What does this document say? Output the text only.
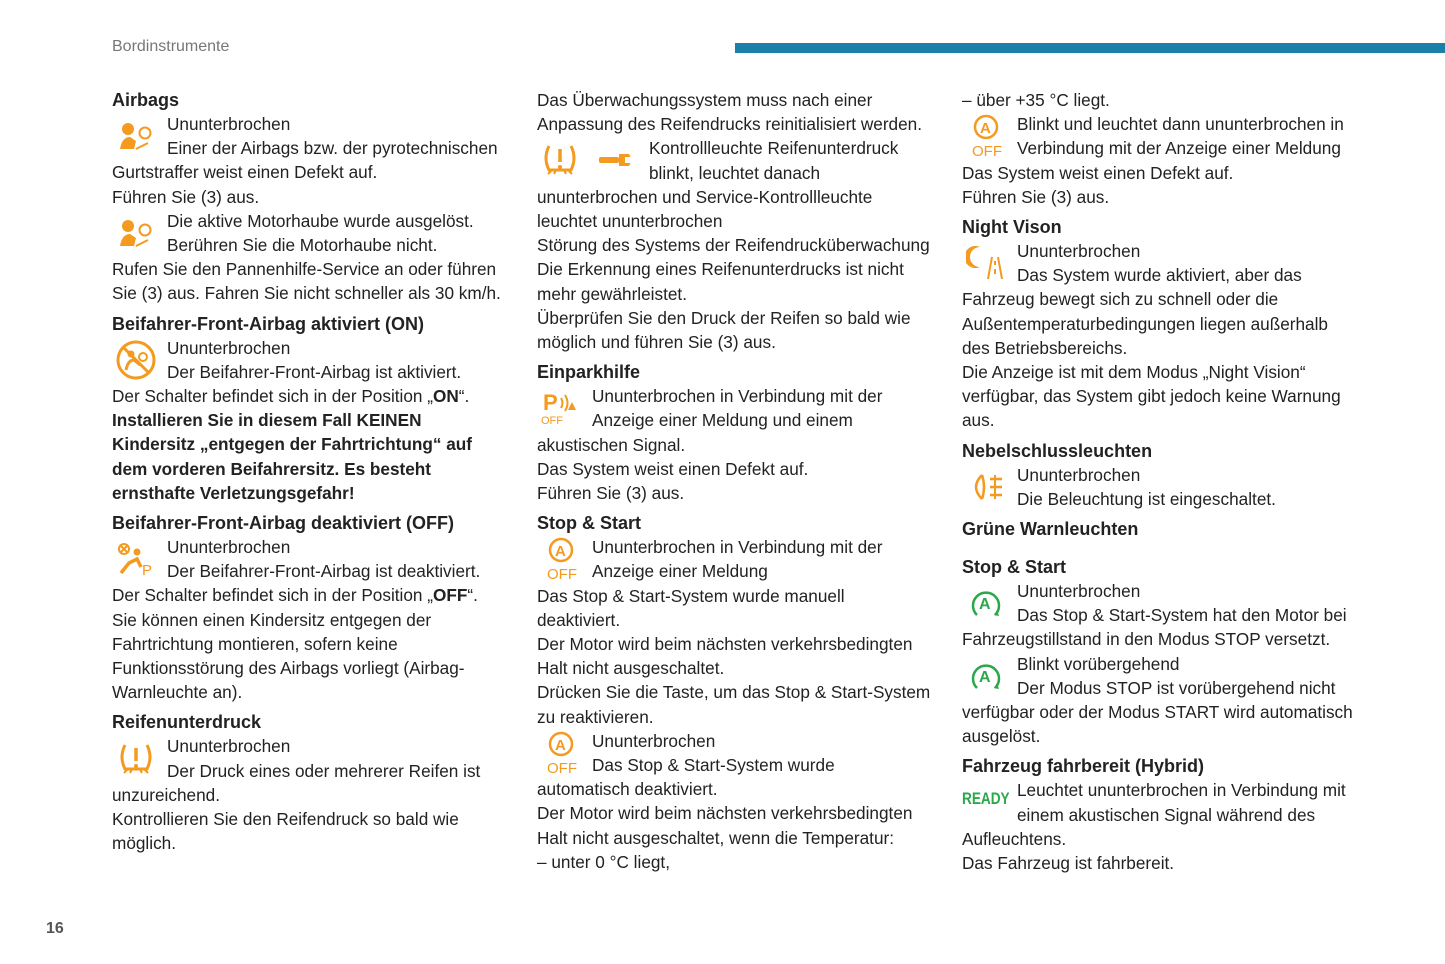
Bordinstrumente
16
Airbags

Ununterbrochen

Einer der Airbags bzw. der pyrotechnischen

Gurtstraffer weist einen Defekt auf.

Führen Sie (3) aus.

Die aktive Motorhaube wurde ausgelöst.

Berühren Sie die Motorhaube nicht.

Rufen Sie den Pannenhilfe-Service an oder führen Sie (3) aus. Fahren Sie nicht schneller als 30 km/h.

Beifahrer-Front-Airbag aktiviert (ON)

Ununterbrochen

Der Beifahrer-Front-Airbag ist aktiviert.

Der Schalter befindet sich in der Position „ON“.

Installieren Sie in diesem Fall KEINEN Kindersitz „entgegen der Fahrtrichtung“ auf dem vorderen Beifahrersitz. Es besteht ernsthafte Verletzungsgefahr!

Beifahrer-Front-Airbag deaktiviert (OFF)
P

Ununterbrochen

Der Beifahrer-Front-Airbag ist deaktiviert.

Der Schalter befindet sich in der Position „OFF“.

Sie können einen Kindersitz entgegen der Fahrtrichtung montieren, sofern keine Funktionsstörung des Airbags vorliegt (Airbag-Warnleuchte an).

Reifenunterdruck

Ununterbrochen

Der Druck eines oder mehrerer Reifen ist

unzureichend.

Kontrollieren Sie den Reifendruck so bald wie möglich.

Das Überwachungssystem muss nach einer Anpassung des Reifendrucks reinitialisiert werden.

Kontrollleuchte Reifenunterdruck

blinkt, leuchtet danach

ununterbrochen und Service-Kontrollleuchte leuchtet ununterbrochen

Störung des Systems der Reifendrucküberwachung

Die Erkennung eines Reifenunterdrucks ist nicht mehr gewährleistet.

Überprüfen Sie den Druck der Reifen so bald wie möglich und führen Sie (3) aus.

Einparkhilfe
P
OFF

Ununterbrochen in Verbindung mit der

Anzeige einer Meldung und einem

akustischen Signal.

Das System weist einen Defekt auf.

Führen Sie (3) aus.

Stop & Start
A
OFF

Ununterbrochen in Verbindung mit der

Anzeige einer Meldung

Das Stop & Start-System wurde manuell deaktiviert.

Der Motor wird beim nächsten verkehrsbedingten Halt nicht ausgeschaltet.

Drücken Sie die Taste, um das Stop & Start-System zu reaktivieren.

A
OFF

Ununterbrochen

Das Stop & Start-System wurde

automatisch deaktiviert.

Der Motor wird beim nächsten verkehrsbedingten Halt nicht ausgeschaltet, wenn die Temperatur:

– unter 0 °C liegt,

– über +35 °C liegt.

A
OFF

Blinkt und leuchtet dann ununterbrochen in

Verbindung mit der Anzeige einer Meldung

Das System weist einen Defekt auf.

Führen Sie (3) aus.

Night Vison

Ununterbrochen

Das System wurde aktiviert, aber das

Fahrzeug bewegt sich zu schnell oder die Außentemperaturbedingungen liegen außerhalb des Betriebsbereichs.

Die Anzeige ist mit dem Modus „Night Vision“ verfügbar, das System gibt jedoch keine Warnung aus.

Nebelschlussleuchten

Ununterbrochen

Die Beleuchtung ist eingeschaltet.

Grüne Warnleuchten
Stop & Start
A

Ununterbrochen

Das Stop & Start-System hat den Motor bei

Fahrzeugstillstand in den Modus STOP versetzt.

A

Blinkt vorübergehend

Der Modus STOP ist vorübergehend nicht

verfügbar oder der Modus START wird automatisch ausgelöst.

Fahrzeug fahrbereit (Hybrid)
READY Leuchtet ununterbrochen in Verbindung mit

einem akustischen Signal während des

Aufleuchtens.

Das Fahrzeug ist fahrbereit.
